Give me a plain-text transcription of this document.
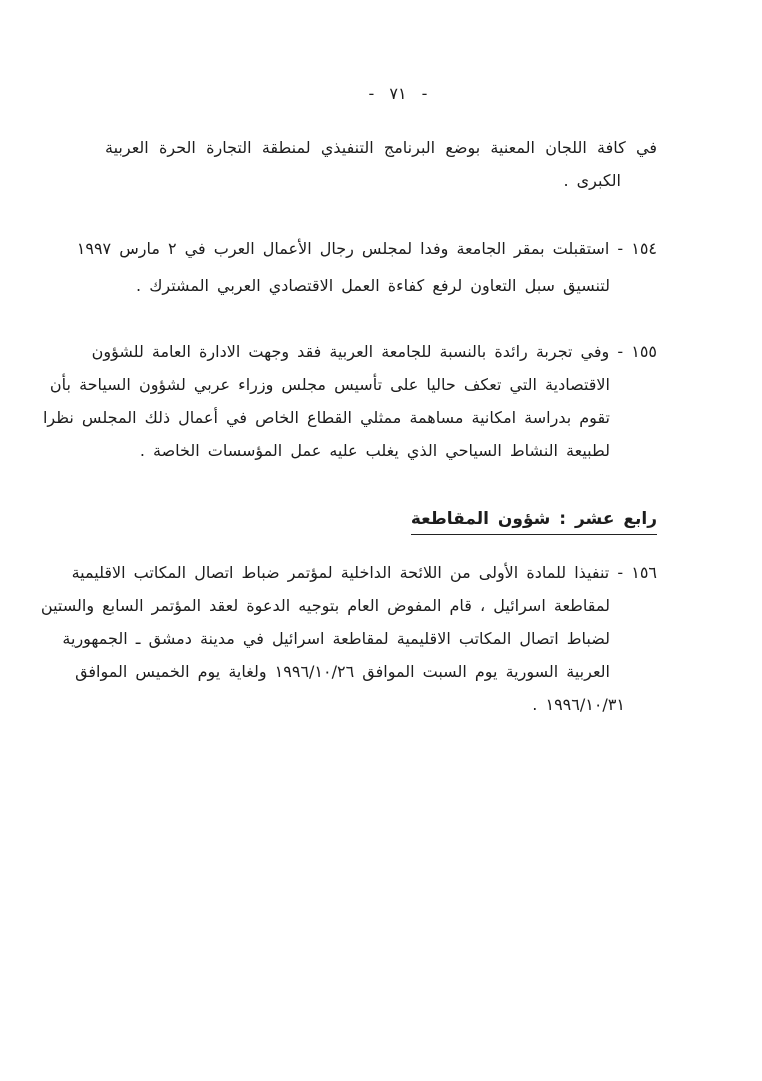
- ٧١ -
في كافة اللجان المعنية بوضع البرنامج التنفيذي لمنطقة التجارة الحرة العربية
الكبرى .
١٥٤ - استقبلت بمقر الجامعة وفدا لمجلس رجال الأعمال العرب في ٢ مارس ١٩٩٧
لتنسيق سبل التعاون لرفع كفاءة العمل الاقتصادي العربي المشترك .
١٥٥ - وفي تجربة رائدة بالنسبة للجامعة العربية فقد وجهت الادارة العامة للشؤون
الاقتصادية التي تعكف حاليا على تأسيس مجلس وزراء عربي لشؤون السياحة بأن
تقوم بدراسة امكانية مساهمة ممثلي القطاع الخاص في أعمال ذلك المجلس نظرا
لطبيعة النشاط السياحي الذي يغلب عليه عمل المؤسسات الخاصة .
رابع عشر : شؤون المقاطعة
١٥٦ - تنفيذا للمادة الأولى من اللائحة الداخلية لمؤتمر ضباط اتصال المكاتب الاقليمية
لمقاطعة اسرائيل ، قام المفوض العام بتوجيه الدعوة لعقد المؤتمر السابع والستين
لضباط اتصال المكاتب الاقليمية لمقاطعة اسرائيل في مدينة دمشق ـ الجمهورية
العربية السورية يوم السبت الموافق ١٩٩٦/١٠/٢٦ ولغاية يوم الخميس الموافق
١٩٩٦/١٠/٣١ .
